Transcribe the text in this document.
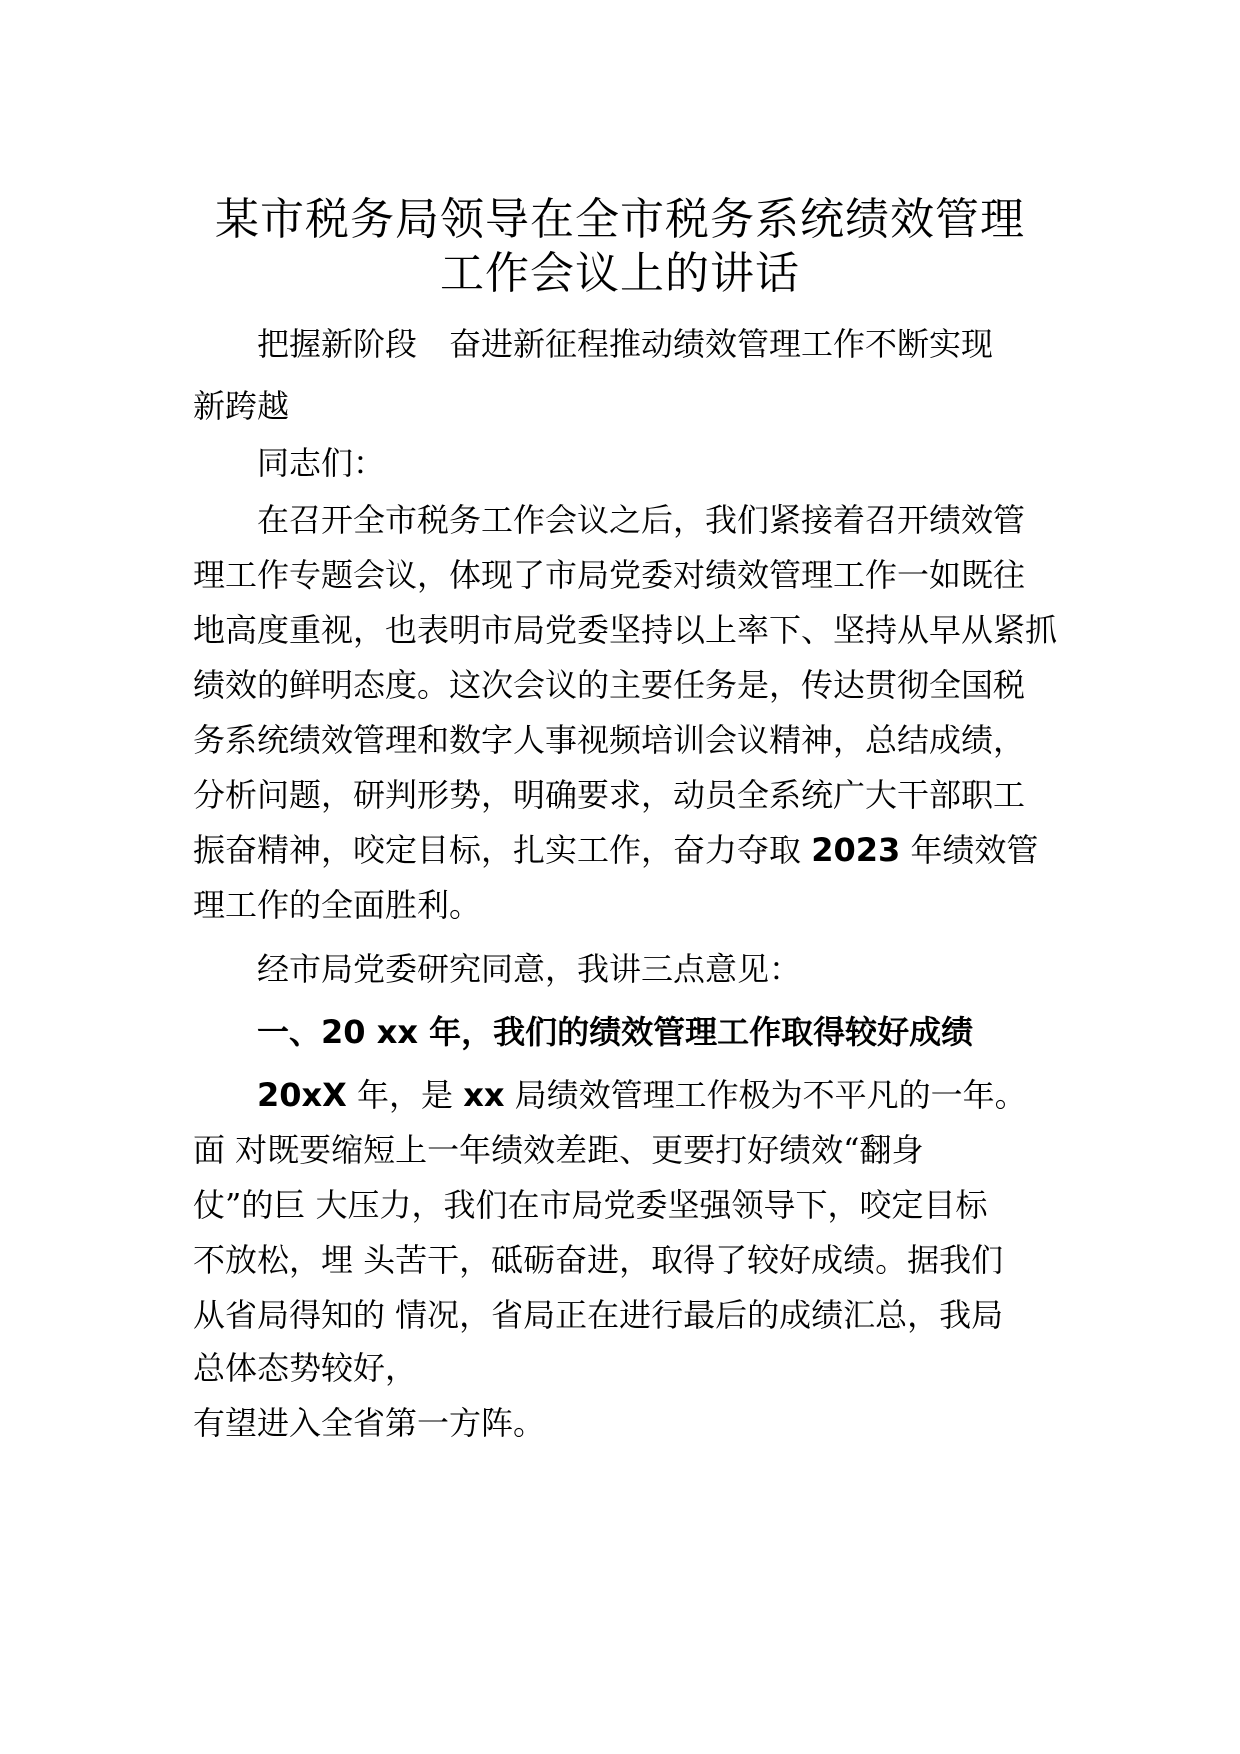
某市税务局领导在全市税务系统绩效管理
工作会议上的讲话
把握新阶段　奋进新征程推动绩效管理工作不断实现
新跨越
同志们：
在召开全市税务工作会议之后，我们紧接着召开绩效管
理工作专题会议，体现了市局党委对绩效管理工作一如既往
地高度重视，也表明市局党委坚持以上率下、坚持从早从紧抓
绩效的鲜明态度。这次会议的主要任务是，传达贯彻全国税
务系统绩效管理和数字人事视频培训会议精神，总结成绩，
分析问题，研判形势，明确要求，动员全系统广大干部职工
振奋精神，咬定目标，扎实工作，奋力夺取 2023 年绩效管
理工作的全面胜利。
经市局党委研究同意，我讲三点意见：
一、20 xx 年，我们的绩效管理工作取得较好成绩
20xX 年，是 xx 局绩效管理工作极为不平凡的一年。
面 对既要缩短上一年绩效差距、更要打好绩效“翻身
仗”的巨 大压力，我们在市局党委坚强领导下，咬定目标
不放松，埋 头苦干，砥砺奋进，取得了较好成绩。据我们
从省局得知的 情况，省局正在进行最后的成绩汇总，我局
总体态势较好，
有望进入全省第一方阵。
